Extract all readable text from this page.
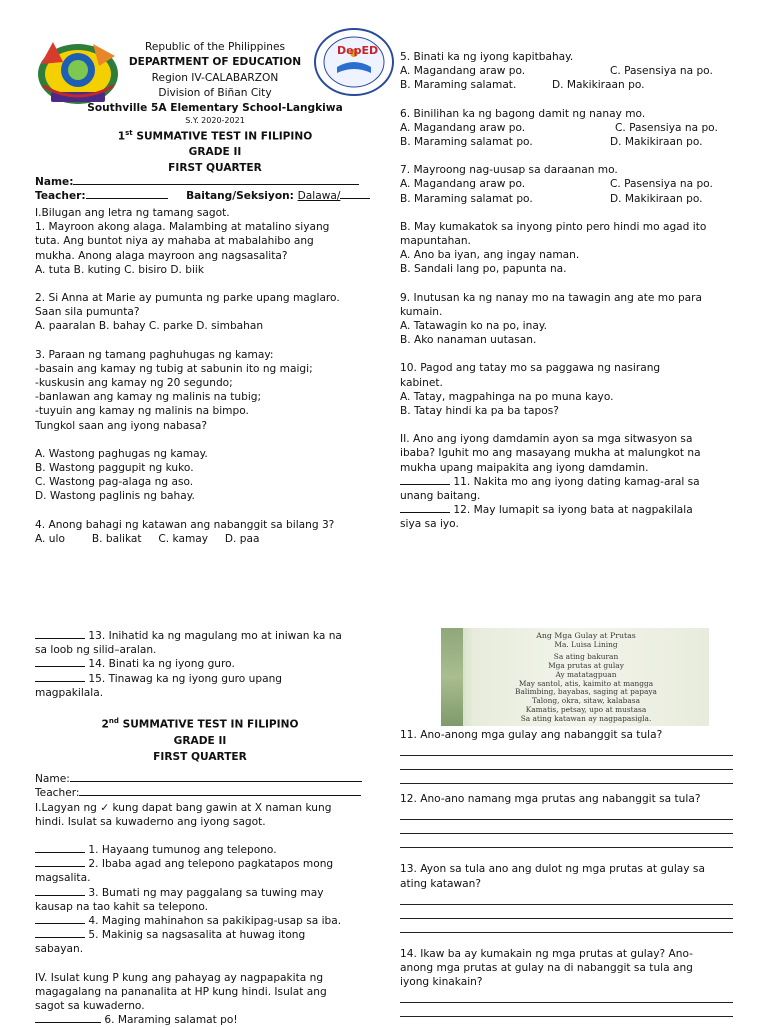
DepED
Republic of the Philippines
DEPARTMENT OF EDUCATION
Region IV-CALABARZON
Division of Biñan City
Southville 5A Elementary School-Langkiwa
S.Y. 2020-2021
1st SUMMATIVE TEST IN FILIPINO
GRADE II
FIRST QUARTER
Name:
Teacher:	Baitang/Seksiyon: Dalawa/
I.Bilugan ang letra ng tamang sagot.
1. Mayroon akong alaga. Malambing at matalino siyang
tuta. Ang buntot niya ay mahaba at mabalahibo ang
mukha. Anong alaga mayroon ang nagsasalita?
A. tuta B. kuting C. bisiro D. biik
2. Si Anna at Marie ay pumunta ng parke upang maglaro.
Saan sila pumunta?
A. paaralan B. bahay C. parke D. simbahan
3. Paraan ng tamang paghuhugas ng kamay:
-basain ang kamay ng tubig at sabunin ito ng maigi;
-kuskusin ang kamay ng 20 segundo;
-banlawan ang kamay ng malinis na tubig;
-tuyuin ang kamay ng malinis na bimpo.
Tungkol saan ang iyong nabasa?
A. Wastong paghugas ng kamay.
B. Wastong paggupit ng kuko.
C. Wastong pag-alaga ng aso.
D. Wastong paglinis ng bahay.
4. Anong bahagi ng katawan ang nabanggit sa bilang 3?
A. ulo        B. balikat     C. kamay     D. paa
5. Binati ka ng iyong kapitbahay.
A. Magandang araw po.	C. Pasensiya na po.
B. Maraming salamat.	D. Makikiraan po.
6. Binilihan ka ng bagong damit ng nanay mo.
A. Magandang araw po.	C. Pasensiya na po.
B. Maraming salamat po.	D. Makikiraan po.
7. Mayroong nag-uusap sa daraanan mo.
A. Magandang araw po.	C. Pasensiya na po.
B. Maraming salamat po.	D. Makikiraan po.
B. May kumakatok sa inyong pinto pero hindi mo agad ito
mapuntahan.
A. Ano ba iyan, ang ingay naman.
B. Sandali lang po, papunta na.
9. Inutusan ka ng nanay mo na tawagin ang ate mo para
kumain.
A. Tatawagin ko na po, inay.
B. Ako nanaman uutasan.
10. Pagod ang tatay mo sa paggawa ng nasirang
kabinet.
A. Tatay, magpahinga na po muna kayo.
B. Tatay hindi ka pa ba tapos?
II. Ano ang iyong damdamin ayon sa mga sitwasyon sa
ibaba? Iguhit mo ang masayang mukha at malungkot na
mukha upang maipakita ang iyong damdamin.
11. Nakita mo ang iyong dating kamag-aral sa
unang baitang.
12. May lumapit sa iyong bata at nagpakilala
siya sa iyo.
13. Inihatid ka ng magulang mo at iniwan ka na
sa loob ng silid–aralan.
14. Binati ka ng iyong guro.
15. Tinawag ka ng iyong guro upang
magpakilala.
2nd SUMMATIVE TEST IN FILIPINO
GRADE II
FIRST QUARTER
Name:
Teacher:
I.Lagyan ng ✓ kung dapat bang gawin at X naman kung
hindi. Isulat sa kuwaderno ang iyong sagot.
1. Hayaang tumunog ang telepono.
2. Ibaba agad ang telepono pagkatapos mong
magsalita.
3. Bumati ng may paggalang sa tuwing may
kausap na tao kahit sa telepono.
4. Maging mahinahon sa pakikipag-usap sa iba.
5. Makinig sa nagsasalita at huwag itong
sabayan.
IV. Isulat kung P kung ang pahayag ay nagpapakita ng
magagalang na pananalita at HP kung hindi. Isulat ang
sagot sa kuwaderno.
6. Maraming salamat po!
Ang Mga Gulay at Prutas
Ma. Luisa Lining
Sa ating bakuran
Mga prutas at gulay
Ay matatagpuan
May santol, atis, kaimito at mangga
Balimbing, bayabas, saging at papaya
Talong, okra, sitaw, kalabasa
Kamatis, petsay, upo at mustasa
Sa ating katawan ay nagpapasigla.
11. Ano-anong mga gulay ang nabanggit sa tula?
12. Ano-ano namang mga prutas ang nabanggit sa tula?
13. Ayon sa tula ano ang dulot ng mga prutas at gulay sa
ating katawan?
14. Ikaw ba ay kumakain ng mga prutas at gulay? Ano-
anong mga prutas at gulay na di nabanggit sa tula ang
iyong kinakain?
